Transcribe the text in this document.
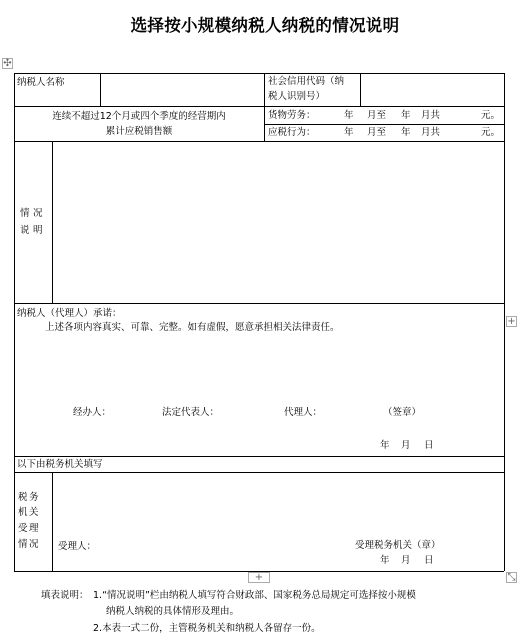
选择按小规模纳税人纳税的情况说明
✣
纳税人名称	社会信用代码（纳
税人识别号）
连续不超过12个月或四个季度的经营期内
累计应税销售额
货物劳务：	年 月至 年 月共	元。
应税行为：	年 月至 年 月共	元。
情 况
说 明
纳税人（代理人）承诺：
上述各项内容真实、可靠、完整。如有虚假，愿意承担相关法律责任。
经办人：	法定代表人：	代理人：	（签章）
年 月 日
+
以下由税务机关填写
税 务
机 关
受 理
情 况 受理人：	受理税务机关（章）
年 月 日
+	⤡
填表说明： 1.“情况说明”栏由纳税人填写符合财政部、国家税务总局规定可选择按小规模
纳税人纳税的具体情形及理由。
2.本表一式二份，主管税务机关和纳税人各留存一份。
